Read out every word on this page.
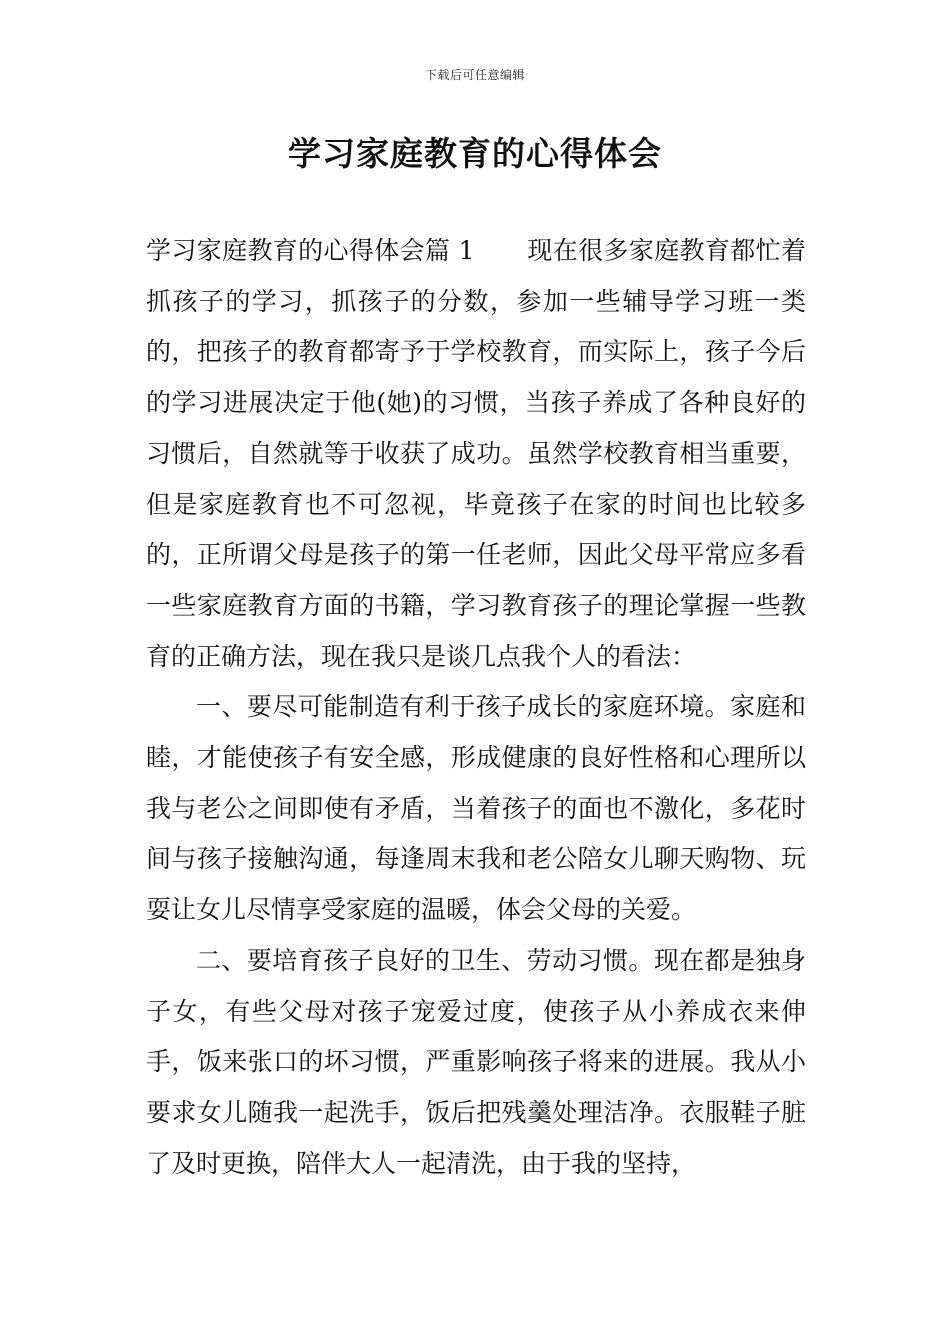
下载后可任意编辑
学习家庭教育的心得体会

学习家庭教育的心得体会篇 1 现在很多家庭教育都忙着抓孩子的学习，抓孩子的分数，参加一些辅导学习班一类的，把孩子的教育都寄予于学校教育，而实际上，孩子今后的学习进展决定于他(她)的习惯，当孩子养成了各种良好的习惯后，自然就等于收获了成功。虽然学校教育相当重要，但是家庭教育也不可忽视，毕竟孩子在家的时间也比较多的，正所谓父母是孩子的第一任老师，因此父母平常应多看一些家庭教育方面的书籍，学习教育孩子的理论掌握一些教育的正确方法，现在我只是谈几点我个人的看法：

一、要尽可能制造有利于孩子成长的家庭环境。家庭和睦，才能使孩子有安全感，形成健康的良好性格和心理所以我与老公之间即使有矛盾，当着孩子的面也不激化，多花时间与孩子接触沟通，每逢周末我和老公陪女儿聊天购物、玩耍让女儿尽情享受家庭的温暖，体会父母的关爱。

二、要培育孩子良好的卫生、劳动习惯。现在都是独身子女，有些父母对孩子宠爱过度，使孩子从小养成衣来伸手，饭来张口的坏习惯，严重影响孩子将来的进展。我从小要求女儿随我一起洗手，饭后把残羹处理洁净。衣服鞋子脏了及时更换，陪伴大人一起清洗，由于我的坚持，
